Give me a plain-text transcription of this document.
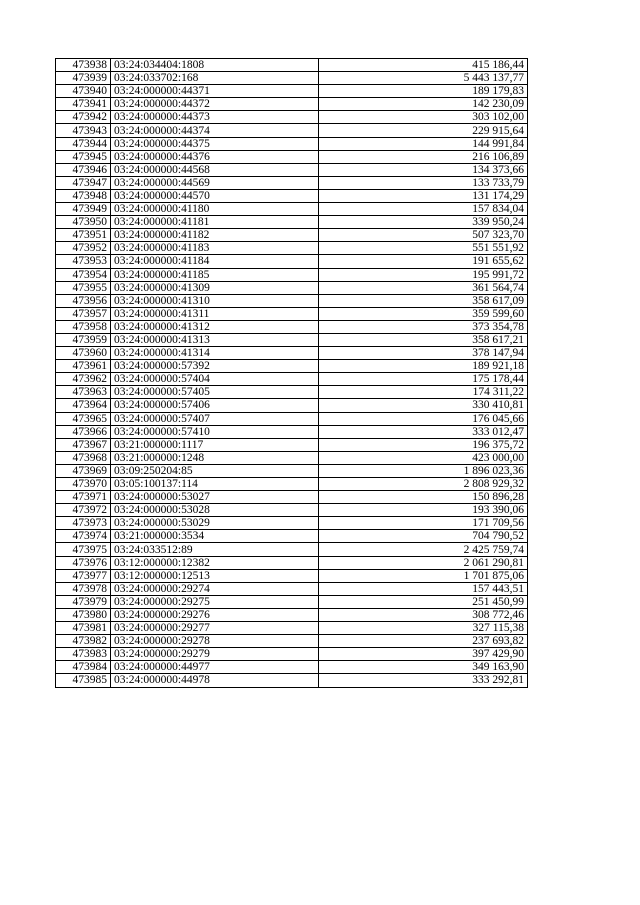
473938	03:24:034404:1808	415 186,44
473939	03:24:033702:168	5 443 137,77
473940	03:24:000000:44371	189 179,83
473941	03:24:000000:44372	142 230,09
473942	03:24:000000:44373	303 102,00
473943	03:24:000000:44374	229 915,64
473944	03:24:000000:44375	144 991,84
473945	03:24:000000:44376	216 106,89
473946	03:24:000000:44568	134 373,66
473947	03:24:000000:44569	133 733,79
473948	03:24:000000:44570	131 174,29
473949	03:24:000000:41180	157 834,04
473950	03:24:000000:41181	339 950,24
473951	03:24:000000:41182	507 323,70
473952	03:24:000000:41183	551 551,92
473953	03:24:000000:41184	191 655,62
473954	03:24:000000:41185	195 991,72
473955	03:24:000000:41309	361 564,74
473956	03:24:000000:41310	358 617,09
473957	03:24:000000:41311	359 599,60
473958	03:24:000000:41312	373 354,78
473959	03:24:000000:41313	358 617,21
473960	03:24:000000:41314	378 147,94
473961	03:24:000000:57392	189 921,18
473962	03:24:000000:57404	175 178,44
473963	03:24:000000:57405	174 311,22
473964	03:24:000000:57406	330 410,81
473965	03:24:000000:57407	176 045,66
473966	03:24:000000:57410	333 012,47
473967	03:21:000000:1117	196 375,72
473968	03:21:000000:1248	423 000,00
473969	03:09:250204:85	1 896 023,36
473970	03:05:100137:114	2 808 929,32
473971	03:24:000000:53027	150 896,28
473972	03:24:000000:53028	193 390,06
473973	03:24:000000:53029	171 709,56
473974	03:21:000000:3534	704 790,52
473975	03:24:033512:89	2 425 759,74
473976	03:12:000000:12382	2 061 290,81
473977	03:12:000000:12513	1 701 875,06
473978	03:24:000000:29274	157 443,51
473979	03:24:000000:29275	251 450,99
473980	03:24:000000:29276	308 772,46
473981	03:24:000000:29277	327 115,38
473982	03:24:000000:29278	237 693,82
473983	03:24:000000:29279	397 429,90
473984	03:24:000000:44977	349 163,90
473985	03:24:000000:44978	333 292,81
